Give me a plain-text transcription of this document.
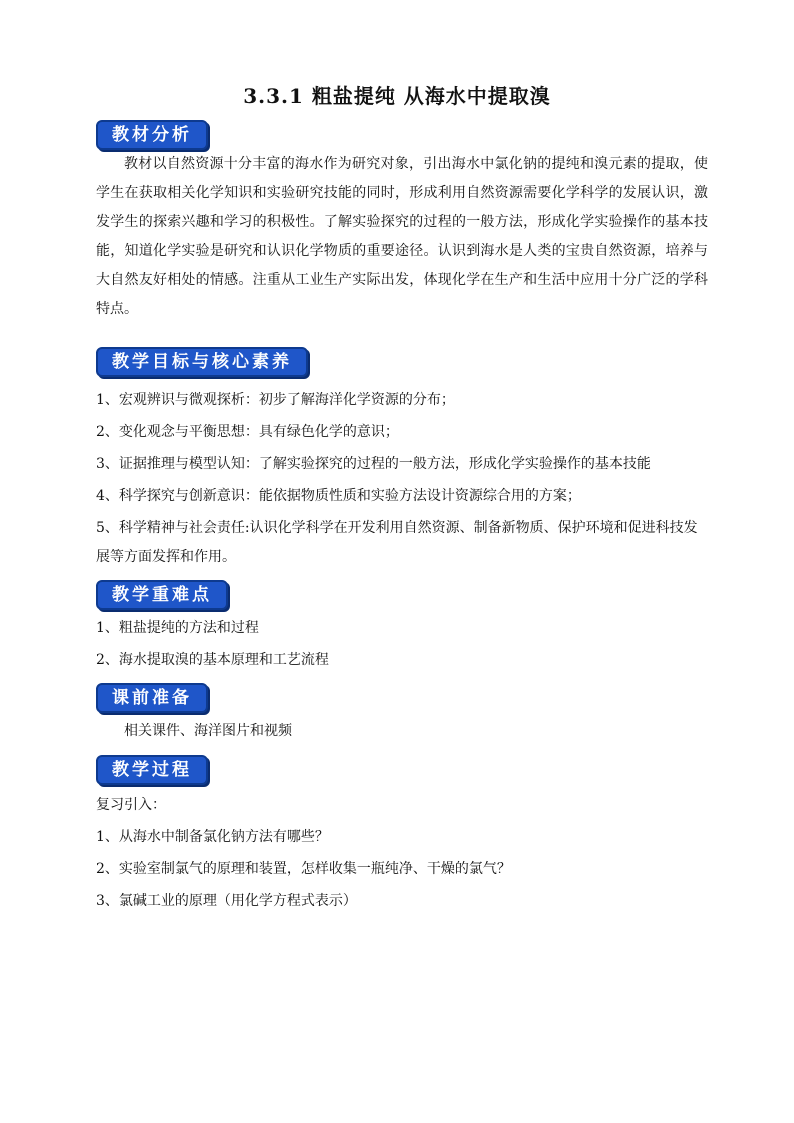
3.3.1 粗盐提纯 从海水中提取溴
教材分析
教材以自然资源十分丰富的海水作为研究对象，引出海水中氯化钠的提纯和溴元素的提取，使学生在获取相关化学知识和实验研究技能的同时，形成利用自然资源需要化学科学的发展认识，激发学生的探索兴趣和学习的积极性。了解实验探究的过程的一般方法，形成化学实验操作的基本技能，知道化学实验是研究和认识化学物质的重要途径。认识到海水是人类的宝贵自然资源，培养与大自然友好相处的情感。注重从工业生产实际出发，体现化学在生产和生活中应用十分广泛的学科特点。
教学目标与核心素养
1、宏观辨识与微观探析：初步了解海洋化学资源的分布；
2、变化观念与平衡思想：具有绿色化学的意识；
3、证据推理与模型认知：了解实验探究的过程的一般方法，形成化学实验操作的基本技能
4、科学探究与创新意识：能依据物质性质和实验方法设计资源综合用的方案；
5、科学精神与社会责任:认识化学科学在开发利用自然资源、制备新物质、保护环境和促进科技发展等方面发挥和作用。
教学重难点
1、粗盐提纯的方法和过程
2、海水提取溴的基本原理和工艺流程
课前准备
相关课件、海洋图片和视频
教学过程
复习引入：
1、从海水中制备氯化钠方法有哪些？
2、实验室制氯气的原理和装置，怎样收集一瓶纯净、干燥的氯气？
3、氯碱工业的原理（用化学方程式表示）
